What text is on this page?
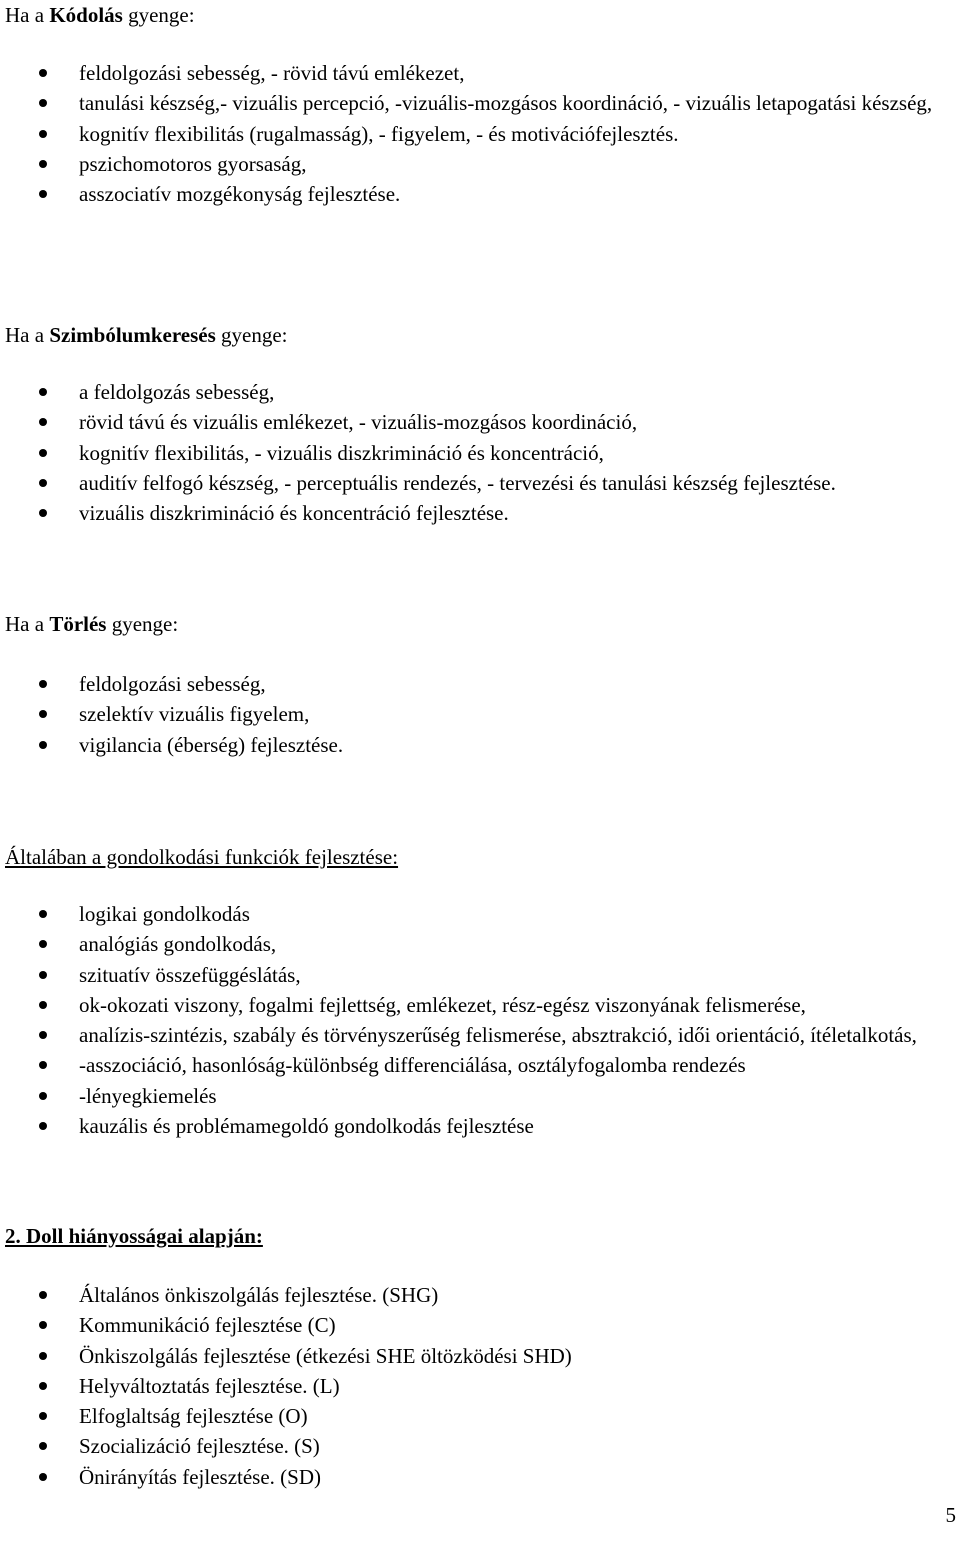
Ha a Kódolás gyenge:
feldolgozási sebesség, - rövid távú emlékezet,
tanulási készség,- vizuális percepció, -vizuális-mozgásos koordináció, - vizuális letapogatási készség,
kognitív flexibilitás (rugalmasság), - figyelem, - és motivációfejlesztés.
pszichomotoros gyorsaság,
asszociatív mozgékonyság fejlesztése.
Ha a Szimbólumkeresés gyenge:
a feldolgozás sebesség,
rövid távú és vizuális emlékezet, - vizuális-mozgásos koordináció,
kognitív flexibilitás, - vizuális diszkrimináció és koncentráció,
auditív felfogó készség, - perceptuális rendezés, - tervezési és tanulási készség fejlesztése.
vizuális diszkrimináció és koncentráció fejlesztése.
Ha a Törlés gyenge:
feldolgozási sebesség,
szelektív vizuális figyelem,
vigilancia (éberség) fejlesztése.
Általában a gondolkodási funkciók fejlesztése:
logikai gondolkodás
analógiás gondolkodás,
szituatív összefüggéslátás,
ok-okozati viszony, fogalmi fejlettség, emlékezet, rész-egész viszonyának felismerése,
analízis-szintézis, szabály és törvényszerűség felismerése, absztrakció, idői orientáció, ítéletalkotás,
-asszociáció, hasonlóság-különbség differenciálása, osztályfogalomba rendezés
-lényegkiemelés
kauzális és problémamegoldó gondolkodás fejlesztése
2. Doll hiányosságai alapján:
Általános önkiszolgálás fejlesztése. (SHG)
Kommunikáció fejlesztése (C)
Önkiszolgálás fejlesztése (étkezési SHE öltözködési SHD)
Helyváltoztatás fejlesztése. (L)
Elfoglaltság fejlesztése (O)
Szocializáció fejlesztése. (S)
Önirányítás fejlesztése. (SD)
5
